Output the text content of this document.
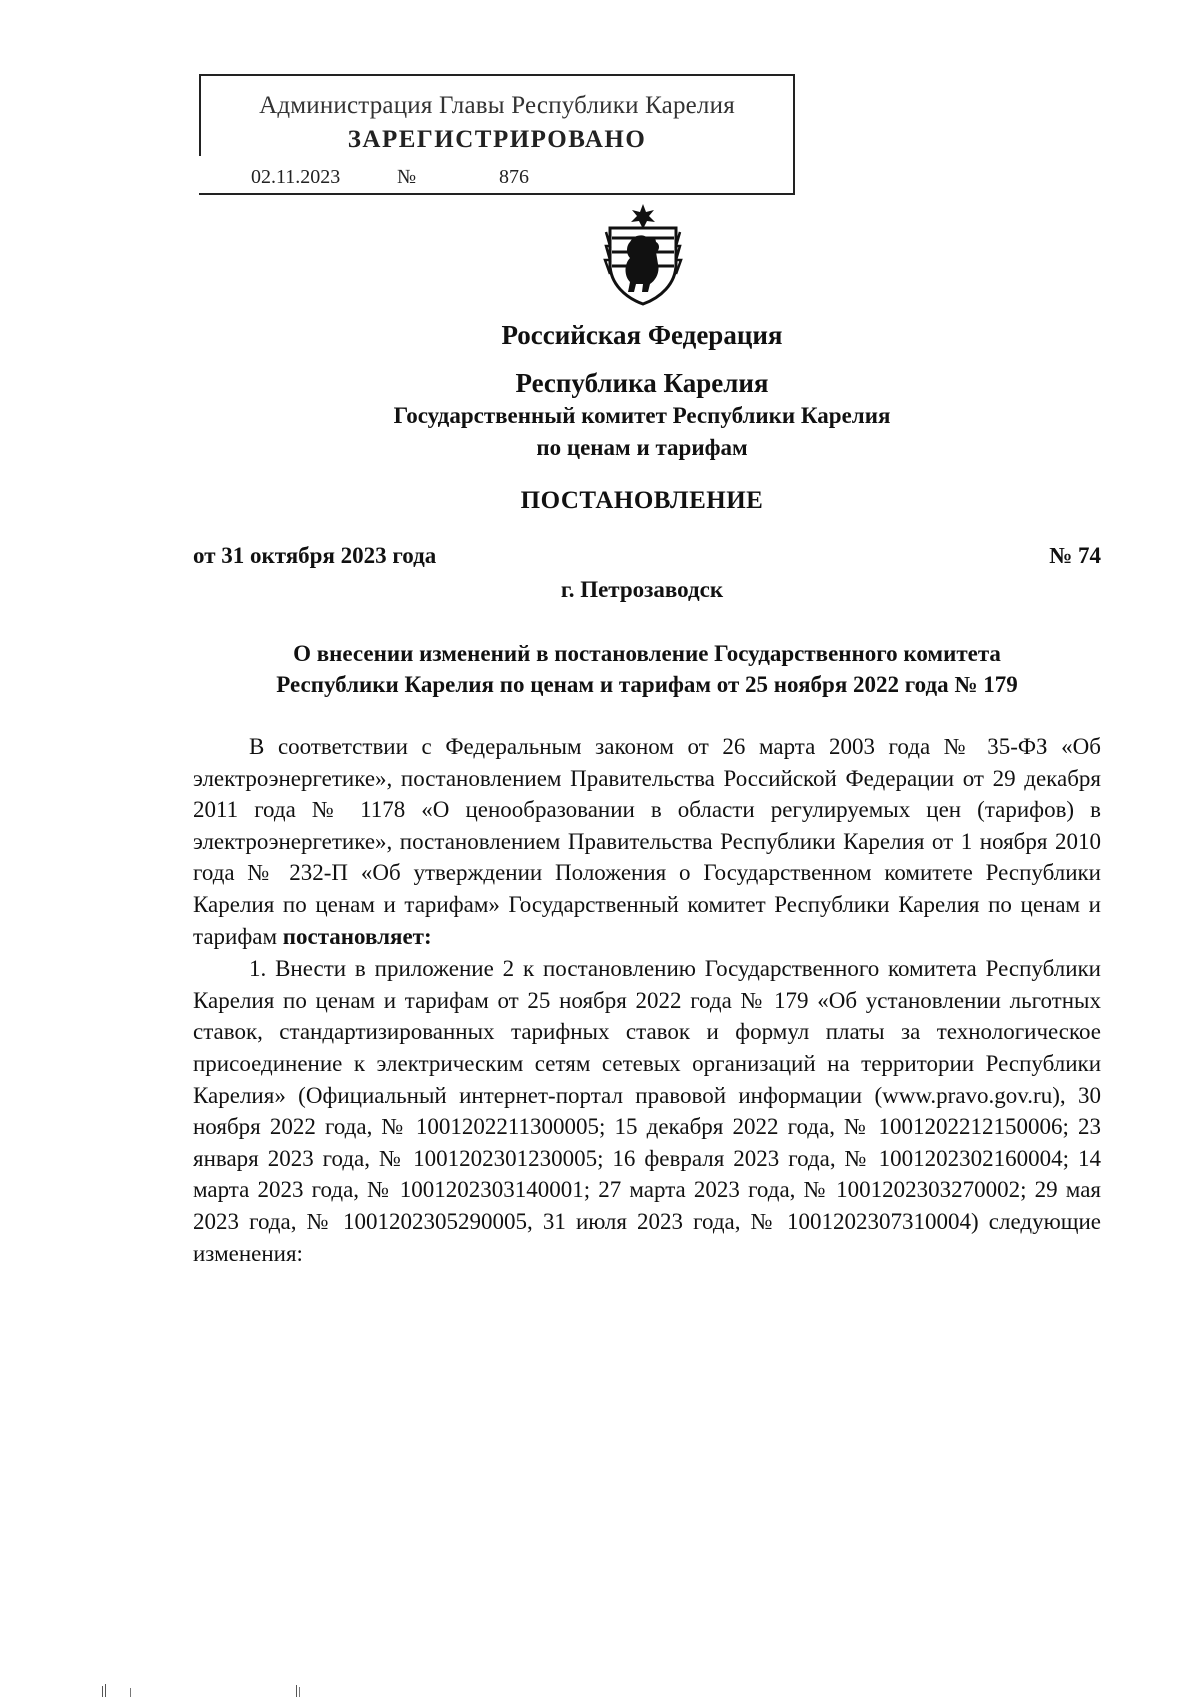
Администрация Главы Республики Карелия
ЗАРЕГИСТРИРОВАНО
02.11.2023	№	876
Российская Федерация
Республика Карелия
Государственный комитет Республики Карелия
по ценам и тарифам
ПОСТАНОВЛЕНИЕ
от 31 октября 2023 года	№ 74
г. Петрозаводск
О внесении изменений в постановление Государственного комитета
Республики Карелия по ценам и тарифам от 25 ноября 2022 года № 179

В соответствии с Федеральным законом от 26 марта 2003 года № 35-ФЗ «Об электроэнергетике», постановлением Правительства Российской Федерации от 29 декабря 2011 года № 1178 «О ценообразовании в области регулируемых цен (тарифов) в электроэнергетике», постановлением Правительства Республики Карелия от 1 ноября 2010 года № 232-П «Об утверждении Положения о Государственном комитете Республики Карелия по ценам и тарифам» Государственный комитет Республики Карелия по ценам и тарифам постановляет:

1. Внести в приложение 2 к постановлению Государственного комитета Республики Карелия по ценам и тарифам от 25 ноября 2022 года № 179 «Об установлении льготных ставок, стандартизированных тарифных ставок и формул платы за технологическое присоединение к электрическим сетям сетевых организаций на территории Республики Карелия» (Официальный интернет-портал правовой информации (www.pravo.gov.ru), 30 ноября 2022 года, № 1001202211300005; 15 декабря 2022 года, № 1001202212150006; 23 января 2023 года, № 1001202301230005; 16 февраля 2023 года, № 1001202302160004; 14 марта 2023 года, № 1001202303140001; 27 марта 2023 года, № 1001202303270002; 29 мая 2023 года, № 1001202305290005, 31 июля 2023 года, № 1001202307310004) следующие изменения:
